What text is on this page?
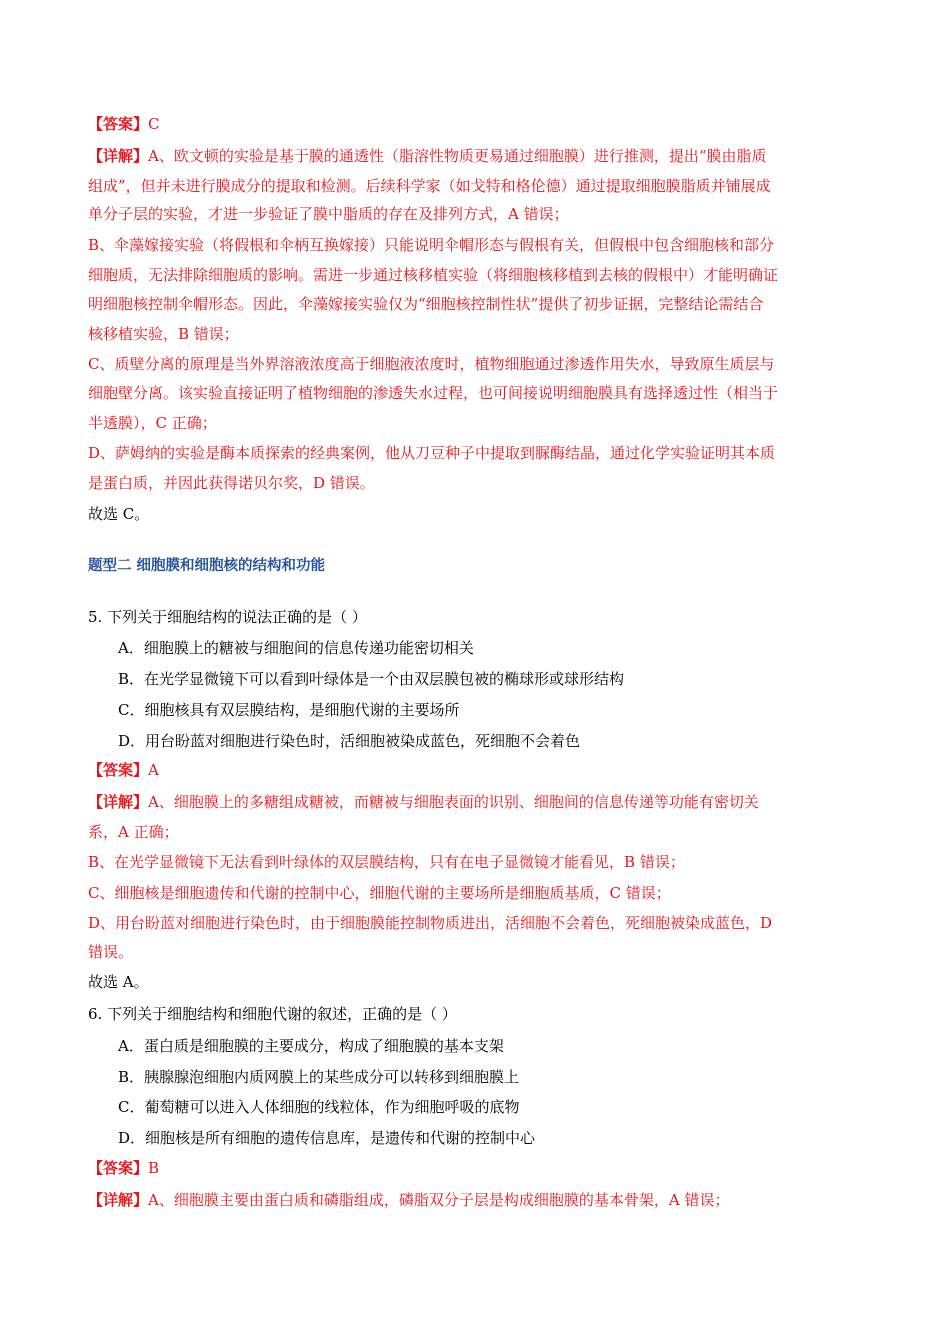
【答案】C
【详解】A、欧文顿的实验是基于膜的通透性（脂溶性物质更易通过细胞膜）进行推测，提出“膜由脂质
组成”，但并未进行膜成分的提取和检测。后续科学家（如戈特和格伦德）通过提取细胞膜脂质并铺展成
单分子层的实验，才进一步验证了膜中脂质的存在及排列方式，A 错误；
B、伞藻嫁接实验（将假根和伞柄互换嫁接）只能说明伞帽形态与假根有关，但假根中包含细胞核和部分
细胞质，无法排除细胞质的影响。需进一步通过核移植实验（将细胞核移植到去核的假根中）才能明确证
明细胞核控制伞帽形态。因此，伞藻嫁接实验仅为“细胞核控制性状”提供了初步证据，完整结论需结合
核移植实验，B 错误；
C、质壁分离的原理是当外界溶液浓度高于细胞液浓度时，植物细胞通过渗透作用失水，导致原生质层与
细胞壁分离。该实验直接证明了植物细胞的渗透失水过程，也可间接说明细胞膜具有选择透过性（相当于
半透膜），C 正确；
D、萨姆纳的实验是酶本质探索的经典案例，他从刀豆种子中提取到脲酶结晶，通过化学实验证明其本质
是蛋白质，并因此获得诺贝尔奖，D 错误。
故选 C。
题型二 细胞膜和细胞核的结构和功能
5. 下列关于细胞结构的说法正确的是（ ）
A．细胞膜上的糖被与细胞间的信息传递功能密切相关
B．在光学显微镜下可以看到叶绿体是一个由双层膜包被的椭球形或球形结构
C．细胞核具有双层膜结构，是细胞代谢的主要场所
D．用台盼蓝对细胞进行染色时，活细胞被染成蓝色，死细胞不会着色
【答案】A
【详解】A、细胞膜上的多糖组成糖被，而糖被与细胞表面的识别、细胞间的信息传递等功能有密切关
系，A 正确；
B、在光学显微镜下无法看到叶绿体的双层膜结构，只有在电子显微镜才能看见，B 错误；
C、细胞核是细胞遗传和代谢的控制中心，细胞代谢的主要场所是细胞质基质，C 错误；
D、用台盼蓝对细胞进行染色时，由于细胞膜能控制物质进出，活细胞不会着色，死细胞被染成蓝色，D
错误。
故选 A。
6. 下列关于细胞结构和细胞代谢的叙述，正确的是（ ）
A．蛋白质是细胞膜的主要成分，构成了细胞膜的基本支架
B．胰腺腺泡细胞内质网膜上的某些成分可以转移到细胞膜上
C．葡萄糖可以进入人体细胞的线粒体，作为细胞呼吸的底物
D．细胞核是所有细胞的遗传信息库，是遗传和代谢的控制中心
【答案】B
【详解】A、细胞膜主要由蛋白质和磷脂组成，磷脂双分子层是构成细胞膜的基本骨架，A 错误；
